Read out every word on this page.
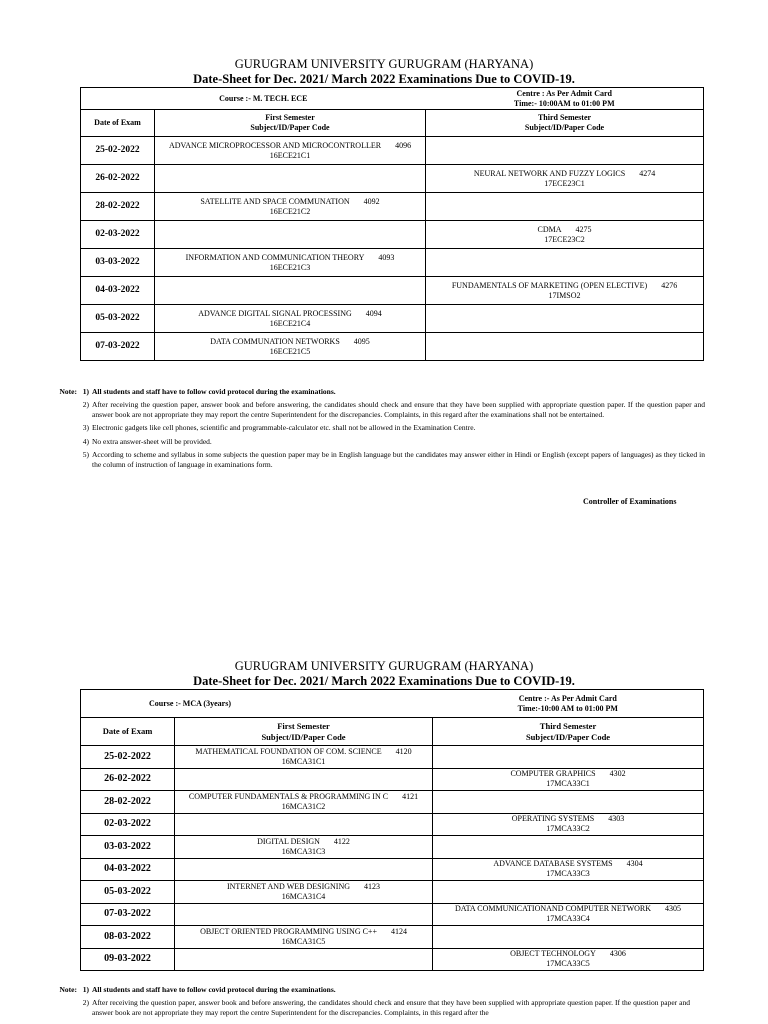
GURUGRAM UNIVERSITY GURUGRAM (HARYANA)
Date-Sheet for Dec. 2021/ March 2022 Examinations Due to COVID-19.
Course :- M. TECH. ECE		Centre : As Per Admit Card
Time:- 10:00AM to 01:00 PM

Date of Exam	First Semester
Subject/ID/Paper Code	Third Semester
Subject/ID/Paper Code

25-02-2022	ADVANCE MICROPROCESSOR AND MICROCONTROLLER 4096
16ECE21C1	

26-02-2022		NEURAL NETWORK AND FUZZY LOGICS 4274
17ECE23C1

28-02-2022	SATELLITE AND SPACE COMMUNATION 4092
16ECE21C2	

02-03-2022		CDMA 4275
17ECE23C2

03-03-2022	INFORMATION AND COMMUNICATION THEORY 4093
16ECE21C3	

04-03-2022		FUNDAMENTALS OF MARKETING (OPEN ELECTIVE) 4276
17IMSO2

05-03-2022	ADVANCE DIGITAL SIGNAL PROCESSING 4094
16ECE21C4	

07-03-2022	DATA COMMUNATION NETWORKS 4095
16ECE21C5	

Note: 1) All students and staff have to follow covid protocol during the examinations.
2) After receiving the question paper, answer book and before answering, the candidates should check and ensure that they have been supplied with appropriate question paper. If the question paper and answer book are not appropriate they may report the centre Superintendent for the discrepancies. Complaints, in this regard after the examinations shall not be entertained.
3) Electronic gadgets like cell phones, scientific and programmable-calculator etc. shall not be allowed in the Examination Centre.
4) No extra answer-sheet will be provided.
5) According to scheme and syllabus in some subjects the question paper may be in English language but the candidates may answer either in Hindi or English (except papers of languages) as they ticked in the column of instruction of language in examinations form.
Controller of Examinations
GURUGRAM UNIVERSITY GURUGRAM (HARYANA)
Date-Sheet for Dec. 2021/ March 2022 Examinations Due to COVID-19.
Course :- MCA (3years)		Centre :- As Per Admit Card
Time:-10:00 AM to 01:00 PM

Date of Exam	First Semester
Subject/ID/Paper Code	Third Semester
Subject/ID/Paper Code

25-02-2022	MATHEMATICAL FOUNDATION OF COM. SCIENCE 4120
16MCA31C1	

26-02-2022		COMPUTER GRAPHICS 4302
17MCA33C1

28-02-2022	COMPUTER FUNDAMENTALS & PROGRAMMING IN C 4121
16MCA31C2	

02-03-2022		OPERATING SYSTEMS 4303
17MCA33C2

03-03-2022	DIGITAL DESIGN 4122
16MCA31C3	

04-03-2022		ADVANCE DATABASE SYSTEMS 4304
17MCA33C3

05-03-2022	INTERNET AND WEB DESIGNING 4123
16MCA31C4	

07-03-2022		DATA COMMUNICATIONAND COMPUTER NETWORK 4305
17MCA33C4

08-03-2022	OBJECT ORIENTED PROGRAMMING USING C++ 4124
16MCA31C5	

09-03-2022		OBJECT TECHNOLOGY 4306
17MCA33C5
Note: 1) All students and staff have to follow covid protocol during the examinations.
2) After receiving the question paper, answer book and before answering, the candidates should check and ensure that they have been supplied with appropriate question paper. If the question paper and answer book are not appropriate they may report the centre Superintendent for the discrepancies. Complaints, in this regard after the
